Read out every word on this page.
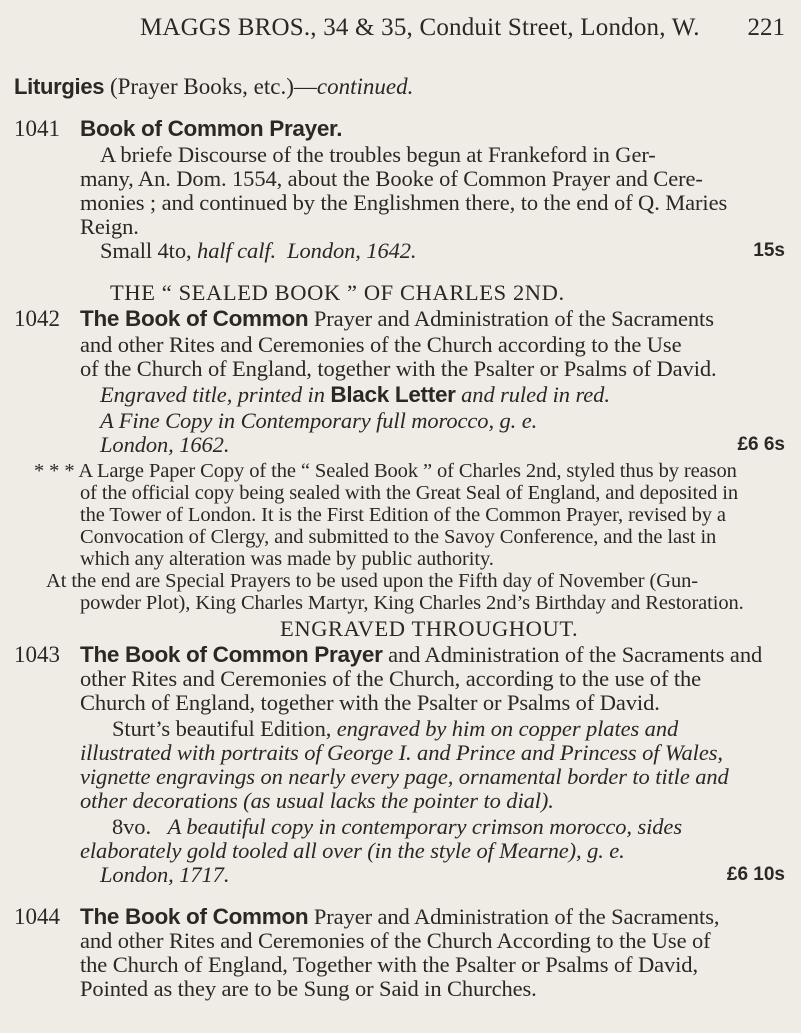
MAGGS BROS., 34 & 35, Conduit Street, London, W. 221
Liturgies (Prayer Books, etc.)—continued.
1041 Book of Common Prayer.
A briefe Discourse of the troubles begun at Frankeford in Ger-
many, An. Dom. 1554, about the Booke of Common Prayer and Cere-
monies ; and continued by the Englishmen there, to the end of Q. Maries
Reign.
Small 4to, half calf. London, 1642.	15s
THE “ SEALED BOOK ” OF CHARLES 2ND.
1042 The Book of Common Prayer and Administration of the Sacraments
and other Rites and Ceremonies of the Church according to the Use
of the Church of England, together with the Psalter or Psalms of David.
Engraved title, printed in Black Letter and ruled in red.
A Fine Copy in Contemporary full morocco, g. e.
London, 1662.	£6 6s
* * * A Large Paper Copy of the “ Sealed Book ” of Charles 2nd, styled thus by reason
of the official copy being sealed with the Great Seal of England, and deposited in
the Tower of London. It is the First Edition of the Common Prayer, revised by a
Convocation of Clergy, and submitted to the Savoy Conference, and the last in
which any alteration was made by public authority.
At the end are Special Prayers to be used upon the Fifth day of November (Gun-
powder Plot), King Charles Martyr, King Charles 2nd’s Birthday and Restoration.
ENGRAVED THROUGHOUT.
1043 The Book of Common Prayer and Administration of the Sacraments and
other Rites and Ceremonies of the Church, according to the use of the
Church of England, together with the Psalter or Psalms of David.
Sturt’s beautiful Edition, engraved by him on copper plates and
illustrated with portraits of George I. and Prince and Princess of Wales,
vignette engravings on nearly every page, ornamental border to title and
other decorations (as usual lacks the pointer to dial).
8vo. A beautiful copy in contemporary crimson morocco, sides
elaborately gold tooled all over (in the style of Mearne), g. e.
London, 1717.	£6 10s
1044 The Book of Common Prayer and Administration of the Sacraments,
and other Rites and Ceremonies of the Church According to the Use of
the Church of England, Together with the Psalter or Psalms of David,
Pointed as they are to be Sung or Said in Churches.
